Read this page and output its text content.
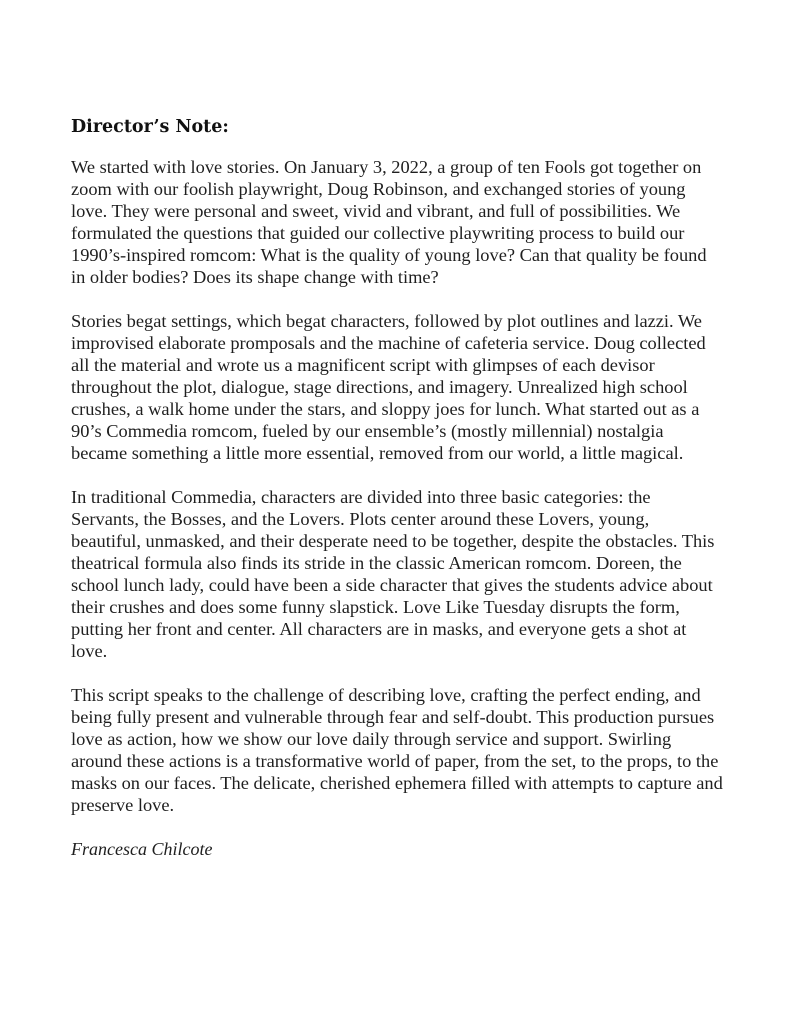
Director’s Note:

We started with love stories. On January 3, 2022, a group of ten Fools got together on zoom with our foolish playwright, Doug Robinson, and exchanged stories of young love. They were personal and sweet, vivid and vibrant, and full of possibilities. We formulated the questions that guided our collective playwriting process to build our 1990’s-inspired romcom: What is the quality of young love? Can that quality be found in older bodies? Does its shape change with time?

Stories begat settings, which begat characters, followed by plot outlines and lazzi. We improvised elaborate promposals and the machine of cafeteria service. Doug collected all the material and wrote us a magnificent script with glimpses of each devisor throughout the plot, dialogue, stage directions, and imagery. Unrealized high school crushes, a walk home under the stars, and sloppy joes for lunch. What started out as a 90’s Commedia romcom, fueled by our ensemble’s (mostly millennial) nostalgia became something a little more essential, removed from our world, a little magical.

In traditional Commedia, characters are divided into three basic categories: the Servants, the Bosses, and the Lovers. Plots center around these Lovers, young, beautiful, unmasked, and their desperate need to be together, despite the obstacles. This theatrical formula also finds its stride in the classic American romcom. Doreen, the school lunch lady, could have been a side character that gives the students advice about their crushes and does some funny slapstick. Love Like Tuesday disrupts the form, putting her front and center. All characters are in masks, and everyone gets a shot at love.

This script speaks to the challenge of describing love, crafting the perfect ending, and being fully present and vulnerable through fear and self-doubt. This production pursues love as action, how we show our love daily through service and support. Swirling around these actions is a transformative world of paper, from the set, to the props, to the masks on our faces. The delicate, cherished ephemera filled with attempts to capture and preserve love.

Francesca Chilcote
